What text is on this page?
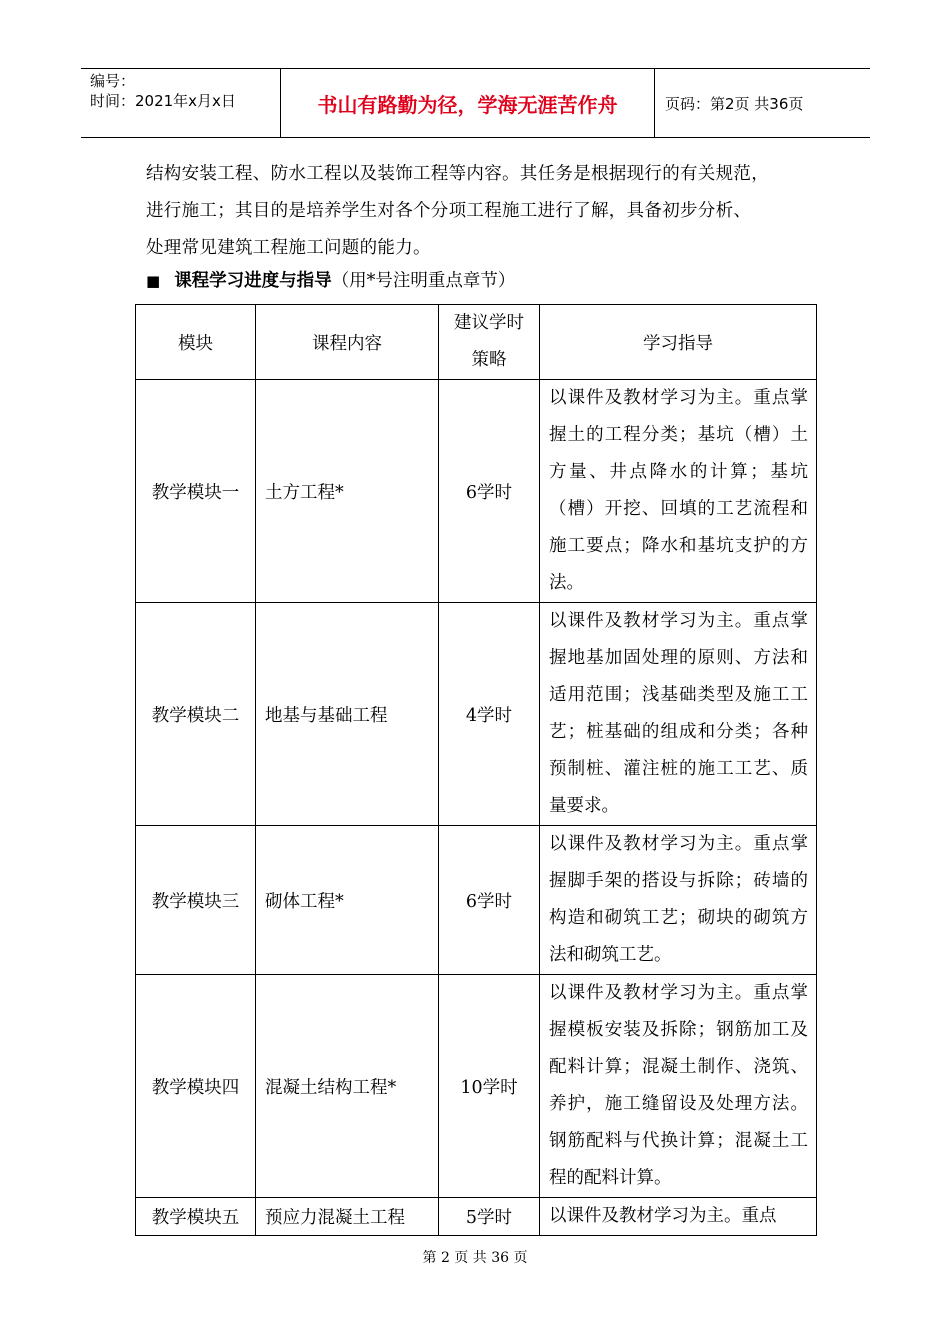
编号：
时间：2021年x月x日	书山有路勤为径，学海无涯苦作舟	页码：第2页 共36页
结构安装工程、防水工程以及装饰工程等内容。其任务是根据现行的有关规范，
进行施工；其目的是培养学生对各个分项工程施工进行了解，具备初步分析、
处理常见建筑工程施工问题的能力。
■ 课程学习进度与指导（用*号注明重点章节）
模块	课程内容	建议学时策略	学习指导
教学模块一	土方工程*	6学时	以课件及教材学习为主。重点掌握土的工程分类；基坑（槽）土方量、井点降水的计算；基坑（槽）开挖、回填的工艺流程和施工要点；降水和基坑支护的方法。
教学模块二	地基与基础工程	4学时	以课件及教材学习为主。重点掌握地基加固处理的原则、方法和适用范围；浅基础类型及施工工艺；桩基础的组成和分类；各种预制桩、灌注桩的施工工艺、质量要求。
教学模块三	砌体工程*	6学时	以课件及教材学习为主。重点掌握脚手架的搭设与拆除；砖墙的构造和砌筑工艺；砌块的砌筑方法和砌筑工艺。
教学模块四	混凝土结构工程*	10学时	以课件及教材学习为主。重点掌握模板安装及拆除；钢筋加工及配料计算；混凝土制作、浇筑、养护，施工缝留设及处理方法。钢筋配料与代换计算；混凝土工程的配料计算。
教学模块五	预应力混凝土工程	5学时	以课件及教材学习为主。重点
第 2 页 共 36 页
